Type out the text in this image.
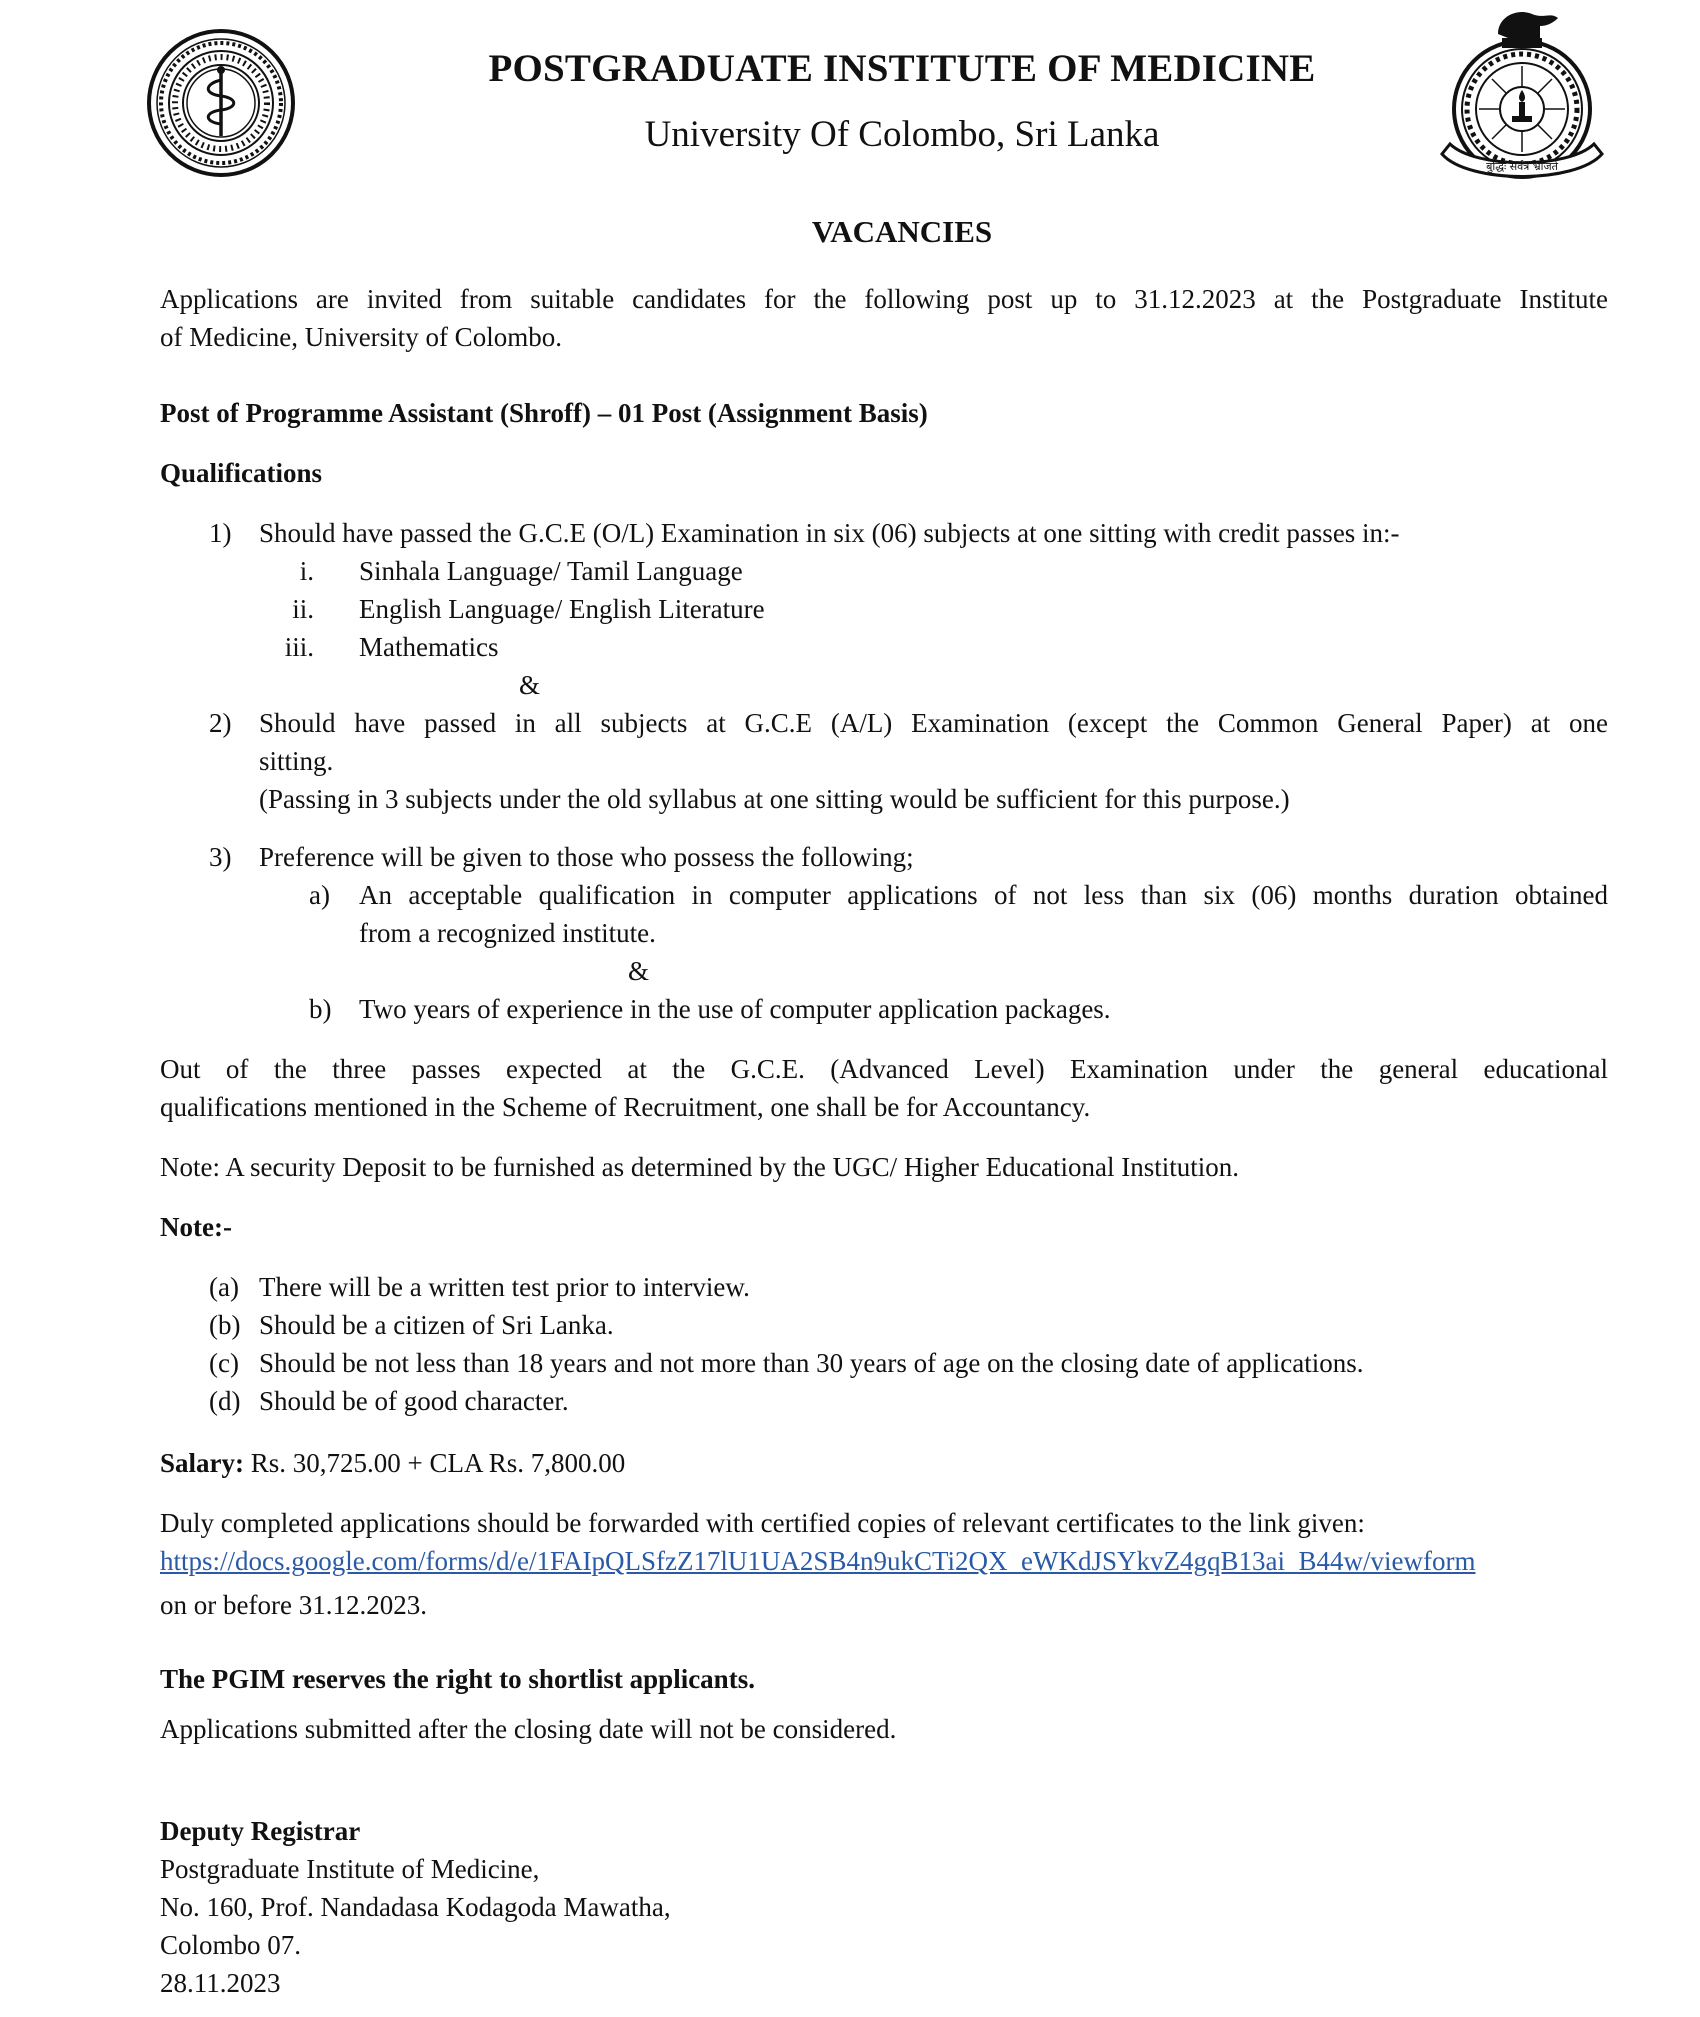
बुद्धिः सर्वत्र भ्राजते
POSTGRADUATE INSTITUTE OF MEDICINE
University Of Colombo, Sri Lanka
VACANCIES
Applications are invited from suitable candidates for the following post up to 31.12.2023 at the Postgraduate Institute
of Medicine, University of Colombo.
Post of Programme Assistant (Shroff) – 01 Post (Assignment Basis)
Qualifications
1) Should have passed the G.C.E (O/L) Examination in six (06) subjects at one sitting with credit passes in:-
i. Sinhala Language/ Tamil Language
ii. English Language/ English Literature
iii. Mathematics
&
2) Should have passed in all subjects at G.C.E (A/L) Examination (except the Common General Paper) at one
sitting.
(Passing in 3 subjects under the old syllabus at one sitting would be sufficient for this purpose.)
3) Preference will be given to those who possess the following;
a) An acceptable qualification in computer applications of not less than six (06) months duration obtained
from a recognized institute.
&
b) Two years of experience in the use of computer application packages.
Out of the three passes expected at the G.C.E. (Advanced Level) Examination under the general educational
qualifications mentioned in the Scheme of Recruitment, one shall be for Accountancy.
Note: A security Deposit to be furnished as determined by the UGC/ Higher Educational Institution.
Note:-
(a) There will be a written test prior to interview.
(b) Should be a citizen of Sri Lanka.
(c) Should be not less than 18 years and not more than 30 years of age on the closing date of applications.
(d) Should be of good character.
Salary: Rs. 30,725.00 + CLA Rs. 7,800.00
Duly completed applications should be forwarded with certified copies of relevant certificates to the link given:
https://docs.google.com/forms/d/e/1FAIpQLSfzZ17lU1UA2SB4n9ukCTi2QX_eWKdJSYkvZ4gqB13ai_B44w/viewform
on or before 31.12.2023.
The PGIM reserves the right to shortlist applicants.
Applications submitted after the closing date will not be considered.
Deputy Registrar
Postgraduate Institute of Medicine,
No. 160, Prof. Nandadasa Kodagoda Mawatha,
Colombo 07.
28.11.2023
